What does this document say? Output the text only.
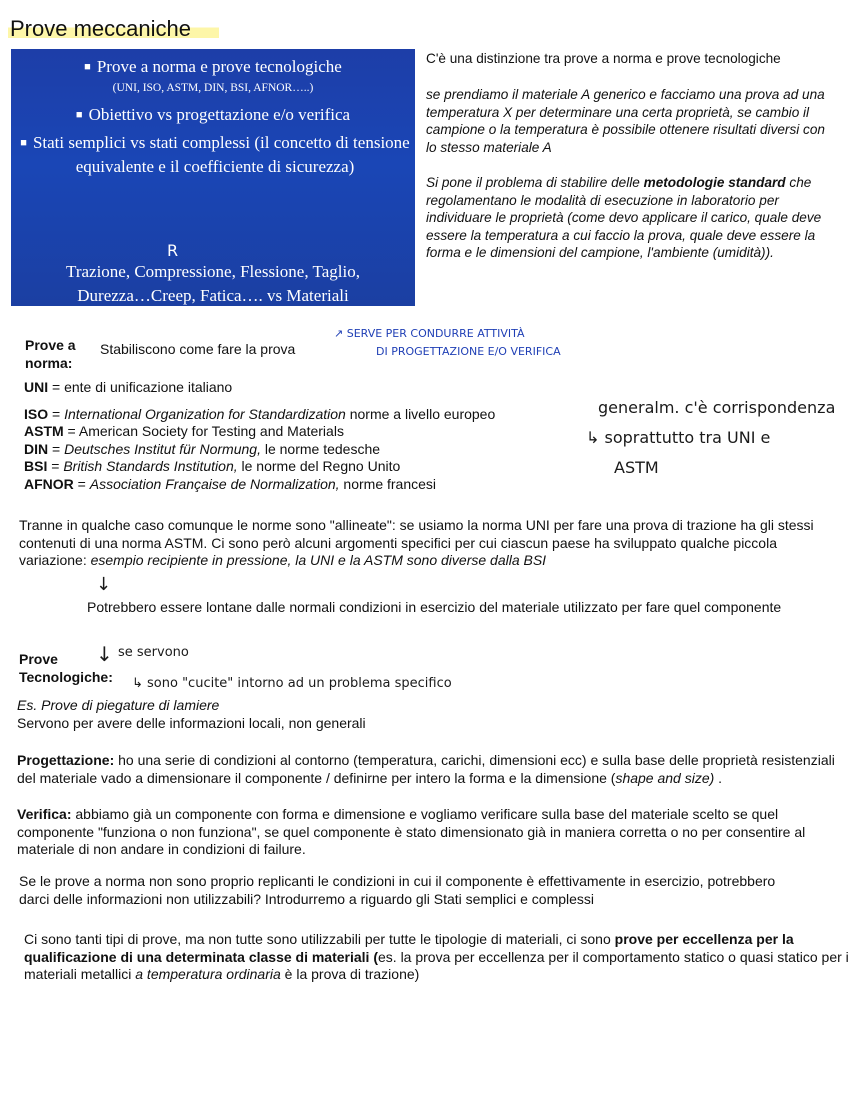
Prove meccaniche
■ Prove a norma e prove tecnologiche
(UNI, ISO, ASTM, DIN, BSI, AFNOR…..)
■ Obiettivo vs progettazione e/o verifica
■ Stati semplici vs stati complessi (il concetto di tensione equivalente e il coefficiente di sicurezza)
R
Trazione, Compressione, Flessione, Taglio,
Durezza…Creep, Fatica…. vs Materiali
C'è una distinzione tra prove a norma e prove tecnologiche
se prendiamo il materiale A generico e facciamo una prova ad una temperatura X per determinare una certa proprietà, se cambio il campione o la temperatura è possibile ottenere risultati diversi con lo stesso materiale A
Si pone il problema di stabilire delle metodologie standard che regolamentano le modalità di esecuzione in laboratorio per individuare le proprietà (come devo applicare il carico, quale deve essere la temperatura a cui faccio la prova, quale deve essere la forma e le dimensioni del campione, l'ambiente (umidità)).
Prove a norma:
Stabiliscono come fare la prova
↗ SERVE PER CONDURRE ATTIVITÀ
DI PROGETTAZIONE E/O VERIFICA
UNI = ente di unificazione italiano
ISO = International Organization for Standardization norme a livello europeo
ASTM = American Society for Testing and Materials
DIN = Deutsches Institut für Normung, le norme tedesche
BSI = British Standards Institution, le norme del Regno Unito
AFNOR = Association Française de Normalization, norme francesi
generalm. c'è corrispondenza
↳ soprattutto tra UNI e
ASTM
Tranne in qualche caso comunque le norme sono "allineate": se usiamo la norma UNI per fare una prova di trazione ha gli stessi contenuti di una norma ASTM. Ci sono però alcuni argomenti specifici per cui ciascun paese ha sviluppato qualche piccola variazione: esempio recipiente in pressione, la UNI e la ASTM sono diverse dalla BSI
↓
Potrebbero essere lontane dalle normali condizioni in esercizio del materiale utilizzato per fare quel componente
Prove
Tecnologiche:
↓ se servono
↳ sono "cucite" intorno ad un problema specifico
Es. Prove di piegature di lamiere
Servono per avere delle informazioni locali, non generali
Progettazione: ho una serie di condizioni al contorno (temperatura, carichi, dimensioni ecc) e sulla base delle proprietà resistenziali del materiale vado a dimensionare il componente / definirne per intero la forma e la dimensione (shape and size) .
Verifica: abbiamo già un componente con forma e dimensione e vogliamo verificare sulla base del materiale scelto se quel componente "funziona o non funziona", se quel componente è stato dimensionato già in maniera corretta o no per consentire al materiale di non andare in condizioni di failure.
Se le prove a norma non sono proprio replicanti le condizioni in cui il componente è effettivamente in esercizio, potrebbero darci delle informazioni non utilizzabili? Introdurremo a riguardo gli Stati semplici e complessi
Ci sono tanti tipi di prove, ma non tutte sono utilizzabili per tutte le tipologie di materiali, ci sono prove per eccellenza per la qualificazione di una determinata classe di materiali (es. la prova per eccellenza per il comportamento statico o quasi statico per i materiali metallici a temperatura ordinaria è la prova di trazione)
